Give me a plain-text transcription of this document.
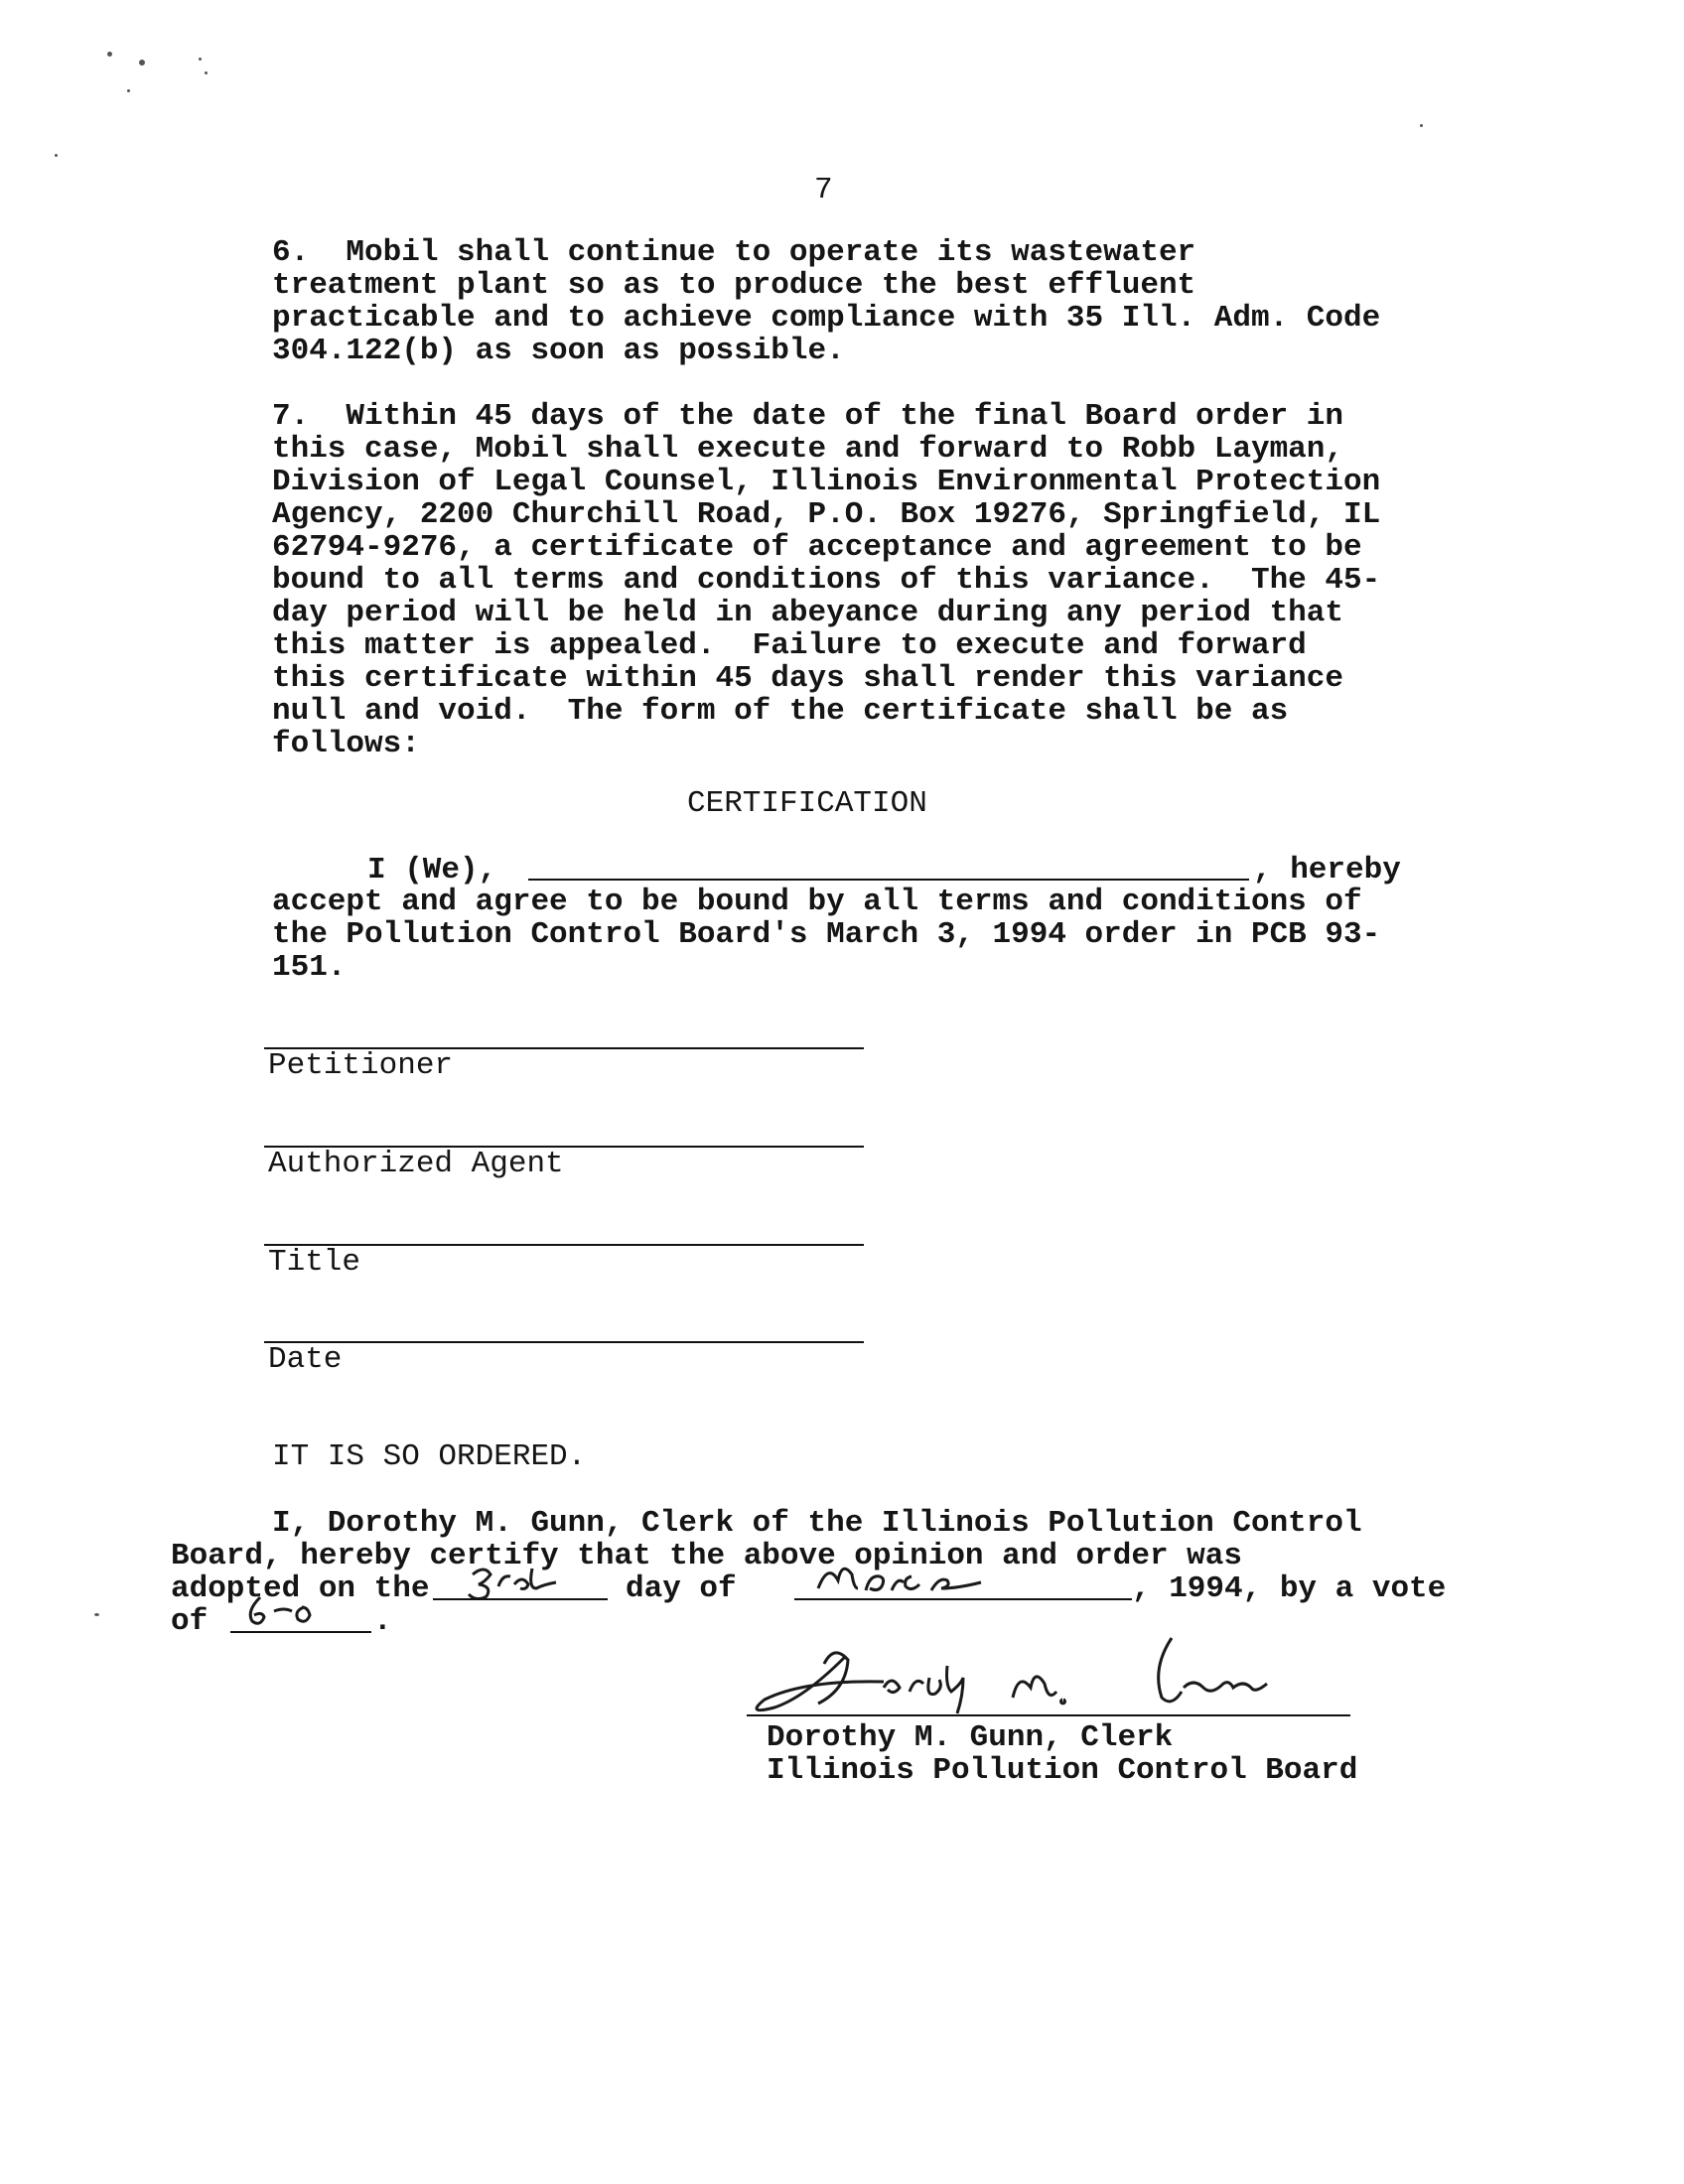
7
6.  Mobil shall continue to operate its wastewater
treatment plant so as to produce the best effluent
practicable and to achieve compliance with 35 Ill. Adm. Code
304.122(b) as soon as possible.
7.  Within 45 days of the date of the final Board order in
this case, Mobil shall execute and forward to Robb Layman,
Division of Legal Counsel, Illinois Environmental Protection
Agency, 2200 Churchill Road, P.O. Box 19276, Springfield, IL
62794-9276, a certificate of acceptance and agreement to be
bound to all terms and conditions of this variance.  The 45-
day period will be held in abeyance during any period that
this matter is appealed.  Failure to execute and forward
this certificate within 45 days shall render this variance
null and void.  The form of the certificate shall be as
follows:
CERTIFICATION
I (We),	, hereby
accept and agree to be bound by all terms and conditions of
the Pollution Control Board's March 3, 1994 order in PCB 93-
151.
Petitioner
Authorized Agent
Title
Date
IT IS SO ORDERED.
I, Dorothy M. Gunn, Clerk of the Illinois Pollution Control
Board, hereby certify that the above opinion and order was
adopted on the	day of	, 1994, by a vote
of	.
Dorothy M. Gunn, Clerk
Illinois Pollution Control Board
